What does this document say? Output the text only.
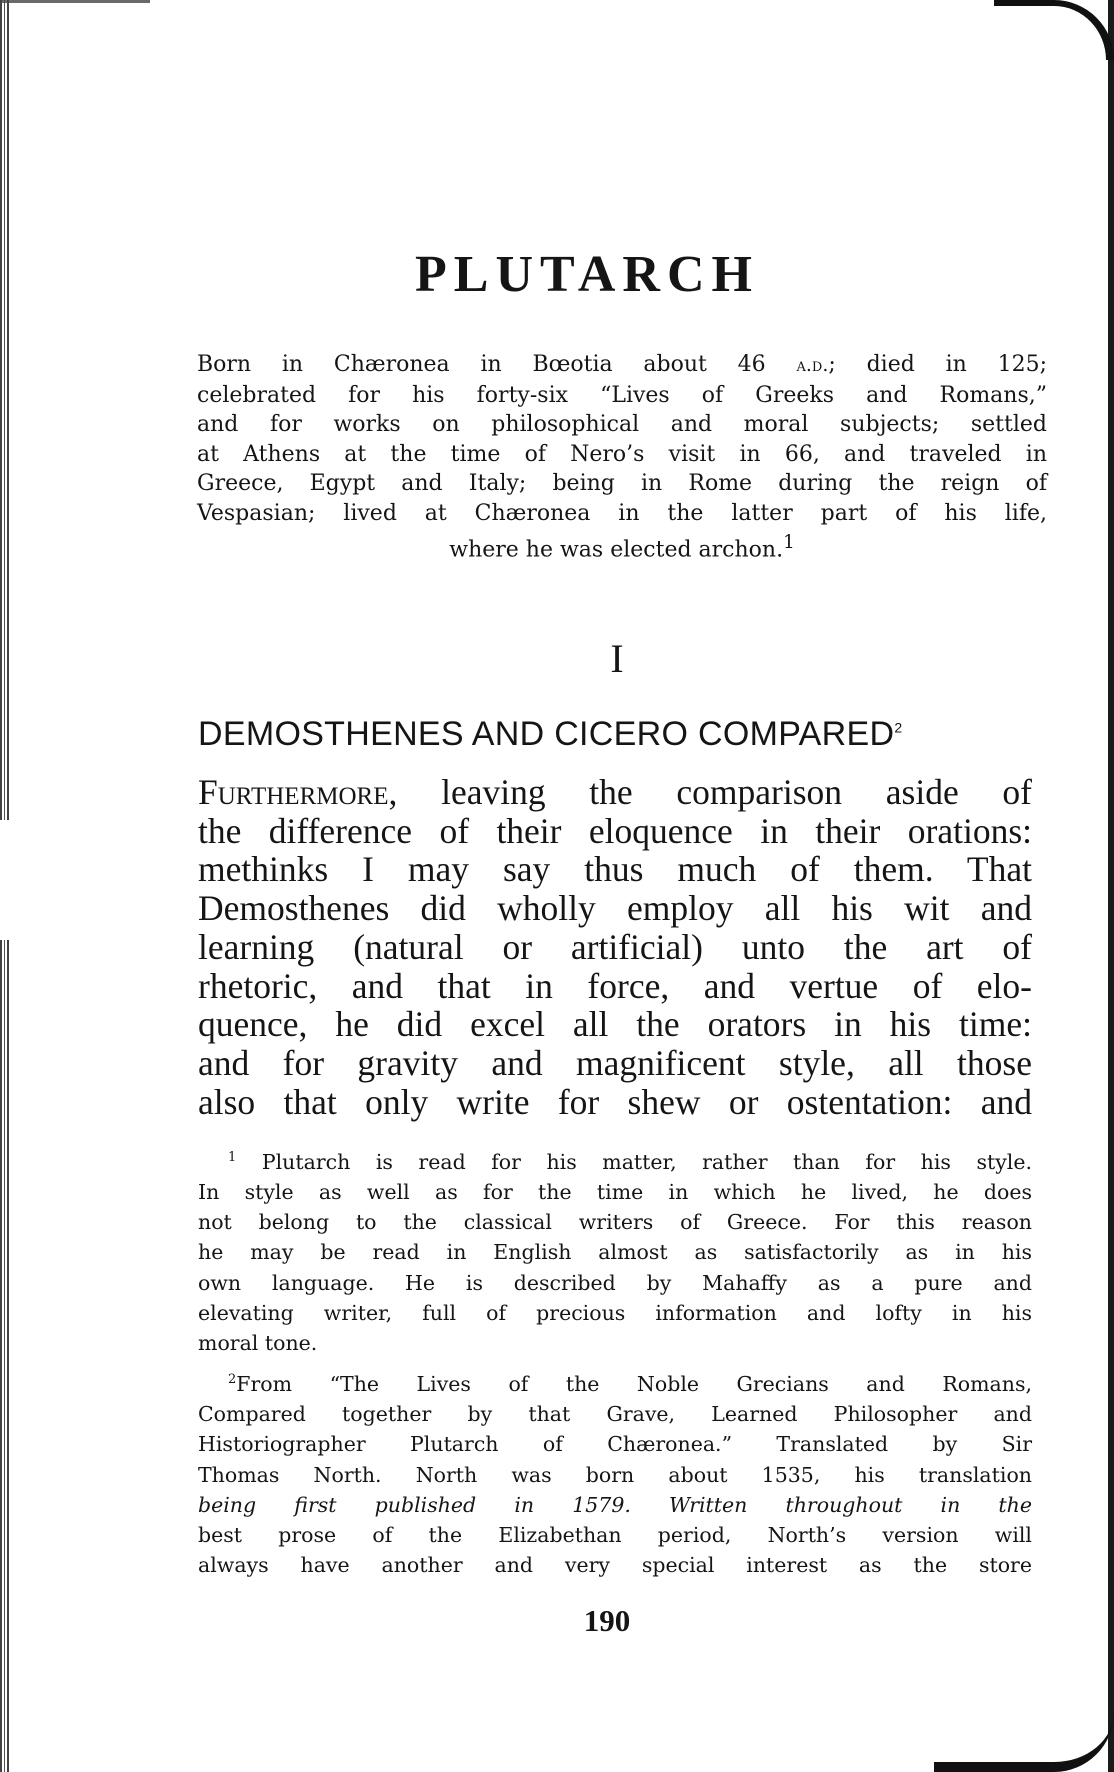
PLUTARCH
Born in Chæronea in Bœotia about 46 a.d.; died in 125;
celebrated for his forty-six “Lives of Greeks and Romans,”
and for works on philosophical and moral subjects; settled
at Athens at the time of Nero’s visit in 66, and traveled in
Greece, Egypt and Italy; being in Rome during the reign of
Vespasian; lived at Chæronea in the latter part of his life,
where he was elected archon.$^1$
I
DEMOSTHENES AND CICERO COMPARED$^2$
Furthermore, leaving the comparison aside of
the difference of their eloquence in their orations:
methinks I may say thus much of them. That
Demosthenes did wholly employ all his wit and
learning (natural or artificial) unto the art of
rhetoric, and that in force, and vertue of elo-
quence, he did excel all the orators in his time:
and for gravity and magnificent style, all those
also that only write for shew or ostentation: and
$^1$ Plutarch is read for his matter, rather than for his style.
In style as well as for the time in which he lived, he does
not belong to the classical writers of Greece. For this reason
he may be read in English almost as satisfactorily as in his
own language. He is described by Mahaffy as a pure and
elevating writer, full of precious information and lofty in his
moral tone.
$^2$From “The Lives of the Noble Grecians and Romans,
Compared together by that Grave, Learned Philosopher and
Historiographer Plutarch of Chæronea.” Translated by Sir
Thomas North. North was born about 1535, his translation
being first published in 1579. Written throughout in the
best prose of the Elizabethan period, North’s version will
always have another and very special interest as the store
190
